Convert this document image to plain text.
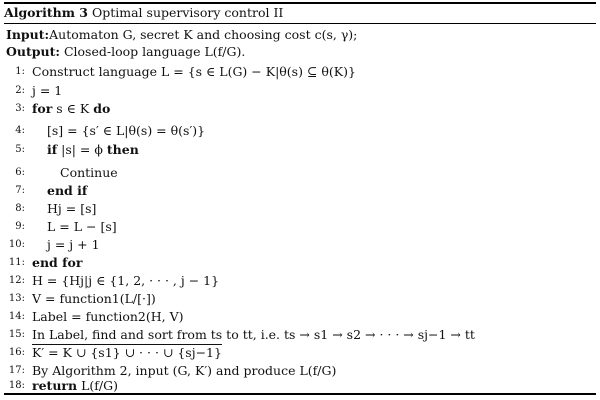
Algorithm 3 Optimal supervisory control II
Input:Automaton G, secret K and choosing cost c(s, γ);
Output: Closed-loop language L(f/G).
1: Construct language L = {s ∈ L(G) − K|θ(s) ⊆ θ(K)}
2: j = 1
3: for s ∈ K do
4: [s] = {s′ ∈ L|θ(s) = θ(s′)}
5: if |s| = ϕ then
6:	Continue
7: end if
8: Hj = [s]
9: L = L − [s]
10: j = j + 1
11: end for
12: H = {Hj|j ∈ {1, 2, · · · , j − 1}
13: V = function1(L/[·])
14: Label = function2(H, V)
15: In Label, find and sort from ts to tt, i.e. ts → s1 → s2 → · · · → sj−1 → tt
16: K′ = K ∪ {s1} ∪ · · · ∪ {sj−1}
17: By Algorithm 2, input (G, K′) and produce L(f/G)
18: return L(f/G)
